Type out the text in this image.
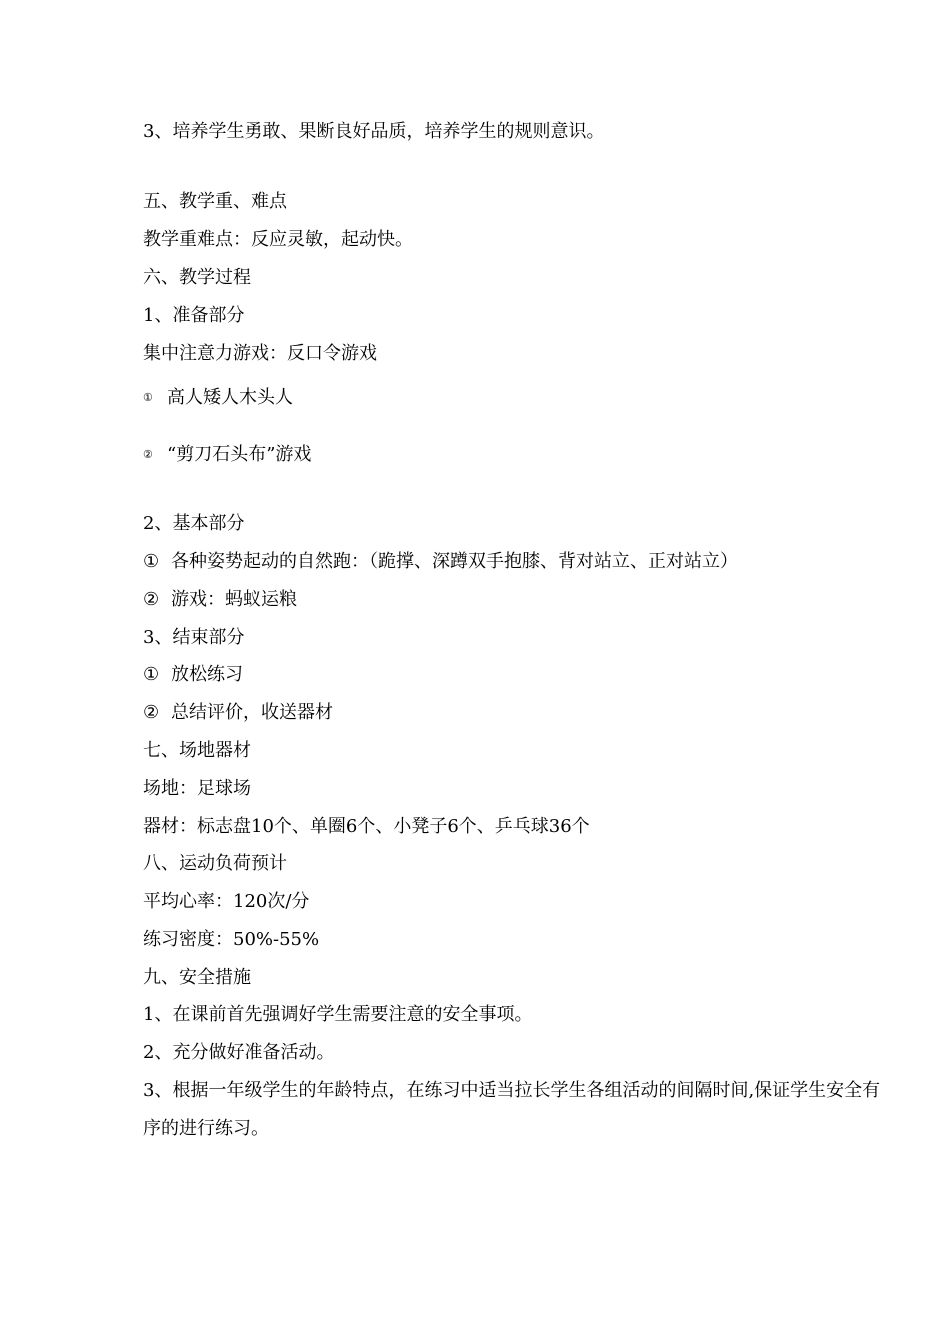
3、培养学生勇敢、果断良好品质，培养学生的规则意识。
五、教学重、难点
教学重难点：反应灵敏，起动快。
六、教学过程
1、准备部分
集中注意力游戏：反口令游戏
① 高人矮人木头人
② “剪刀石头布”游戏
2、基本部分
① 各种姿势起动的自然跑：（跪撑、深蹲双手抱膝、背对站立、正对站立）
② 游戏：蚂蚁运粮
3、结束部分
① 放松练习
② 总结评价，收送器材
七、场地器材
场地：足球场
器材：标志盘10个、单圈6个、小凳子6个、乒乓球36个
八、运动负荷预计
平均心率：120次/分
练习密度：50%-55%
九、安全措施
1、在课前首先强调好学生需要注意的安全事项。
2、充分做好准备活动。
3、根据一年级学生的年龄特点，在练习中适当拉长学生各组活动的间隔时间,保证学生安全有序的进行练习。
